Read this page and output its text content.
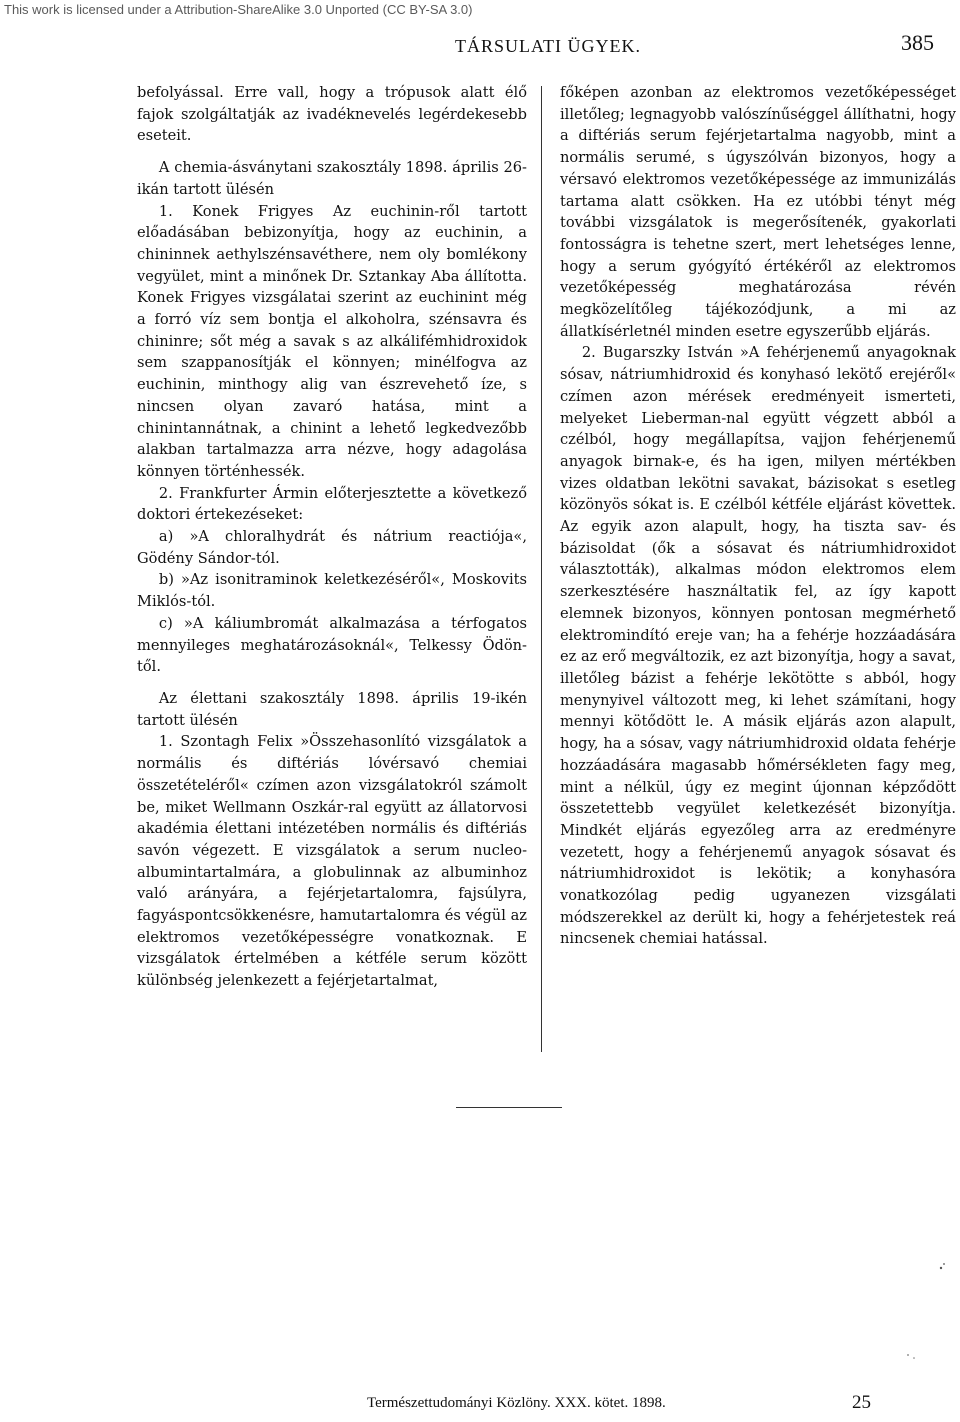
This work is licensed under a Attribution-ShareAlike 3.0 Unported (CC BY-SA 3.0)
TÁRSULATI ÜGYEK.	385

befolyással. Erre vall, hogy a trópusok alatt élő fajok szolgáltatják az ivadéknevelés legérdekesebb eseteit.

A chemia-ásványtani szakosztály 1898. április 26-ikán tartott ülésén

1. Konek Frigyes Az euchinin-ről tartott előadásában bebizonyítja, hogy az euchinin, a chininnek aethylszénsavéthere, nem oly bomlékony vegyület, mint a minőnek Dr. Sztankay Aba állította. Konek Frigyes vizsgálatai szerint az euchinint még a forró víz sem bontja el alkoholra, szénsavra és chininre; sőt még a savak s az alkálifémhidroxidok sem szappanosítják el könnyen; minélfogva az euchinin, minthogy alig van észrevehető íze, s nincsen olyan zavaró hatása, mint a chinintannátnak, a chinint a lehető legkedvezőbb alakban tartalmazza arra nézve, hogy adagolása könnyen történhessék.

2. Frankfurter Ármin előterjesztette a következő doktori értekezéseket:

a) »A chloralhydrát és nátrium reactiója«, Gödény Sándor-tól.

b) »Az isonitraminok keletkezéséről«, Moskovits Miklós-tól.

c) »A káliumbromát alkalmazása a térfogatos mennyileges meghatározásoknál«, Telkessy Ödön-től.

Az élettani szakosztály 1898. április 19-ikén tartott ülésén

1. Szontagh Felix »Összehasonlító vizsgálatok a normális és diftériás lóvérsavó chemiai összetételéről« czímen azon vizsgálatokról számolt be, miket Wellmann Oszkár-ral együtt az állatorvosi akadémia élettani intézetében normális és diftériás savón végezett. E vizsgálatok a serum nucleo-albumintartalmára, a globulinnak az albuminhoz való arányára, a fejérjetartalomra, fajsúlyra, fagyáspontcsökkenésre, hamutartalomra és végül az elektromos vezetőképességre vonatkoznak. E vizsgálatok értelmében a kétféle serum között különbség jelenkezett a fejérjetartalmat,

főképen azonban az elektromos vezetőképességet illetőleg; legnagyobb valószínűséggel állíthatni, hogy a diftériás serum fejérjetartalma nagyobb, mint a normális serumé, s úgyszólván bizonyos, hogy a vérsavó elektromos vezetőképessége az immunizálás tartama alatt csökken. Ha ez utóbbi tényt még további vizsgálatok is megerősítenék, gyakorlati fontosságra is tehetne szert, mert lehetséges lenne, hogy a serum gyógyító értékéről az elektromos vezetőképesség meghatározása révén megközelítőleg tájékozódjunk, a mi az állatkísérletnél minden esetre egyszerűbb eljárás.

2. Bugarszky István »A fehérjenemű anyagoknak sósav, nátriumhidroxid és konyhasó lekötő erejéről« czímen azon mérések eredményeit ismerteti, melyeket Lieberman-nal együtt végzett abból a czélból, hogy megállapítsa, vajjon fehérjenemű anyagok birnak-e, és ha igen, milyen mértékben vizes oldatban lekötni savakat, bázisokat s esetleg közönyös sókat is. E czélból kétféle eljárást követtek. Az egyik azon alapult, hogy, ha tiszta sav- és bázisoldat (ők a sósavat és nátriumhidroxidot választották), alkalmas módon elektromos elem szerkesztésére használtatik fel, az így kapott elemnek bizonyos, könnyen pontosan megmérhető elektromindító ereje van; ha a fehérje hozzáadására ez az erő megváltozik, ez azt bizonyítja, hogy a savat, illetőleg bázist a fehérje lekötötte s abból, hogy menynyivel változott meg, ki lehet számítani, hogy mennyi kötődött le. A másik eljárás azon alapult, hogy, ha a sósav, vagy nátriumhidroxid oldata fehérje hozzáadására magasabb hőmérsékleten fagy meg, mint a nélkül, úgy ez megint újonnan képződött összetettebb vegyület keletkezését bizonyítja. Mindkét eljárás egyezőleg arra az eredményre vezetett, hogy a fehérjenemű anyagok sósavat és nátriumhidroxidot is lekötik; a konyhasóra vonatkozólag pedig ugyanezen vizsgálati módszerekkel az derült ki, hogy a fehérjetestek reá nincsenek chemiai hatással.

Természettudományi Közlöny. XXX. kötet. 1898.	25
